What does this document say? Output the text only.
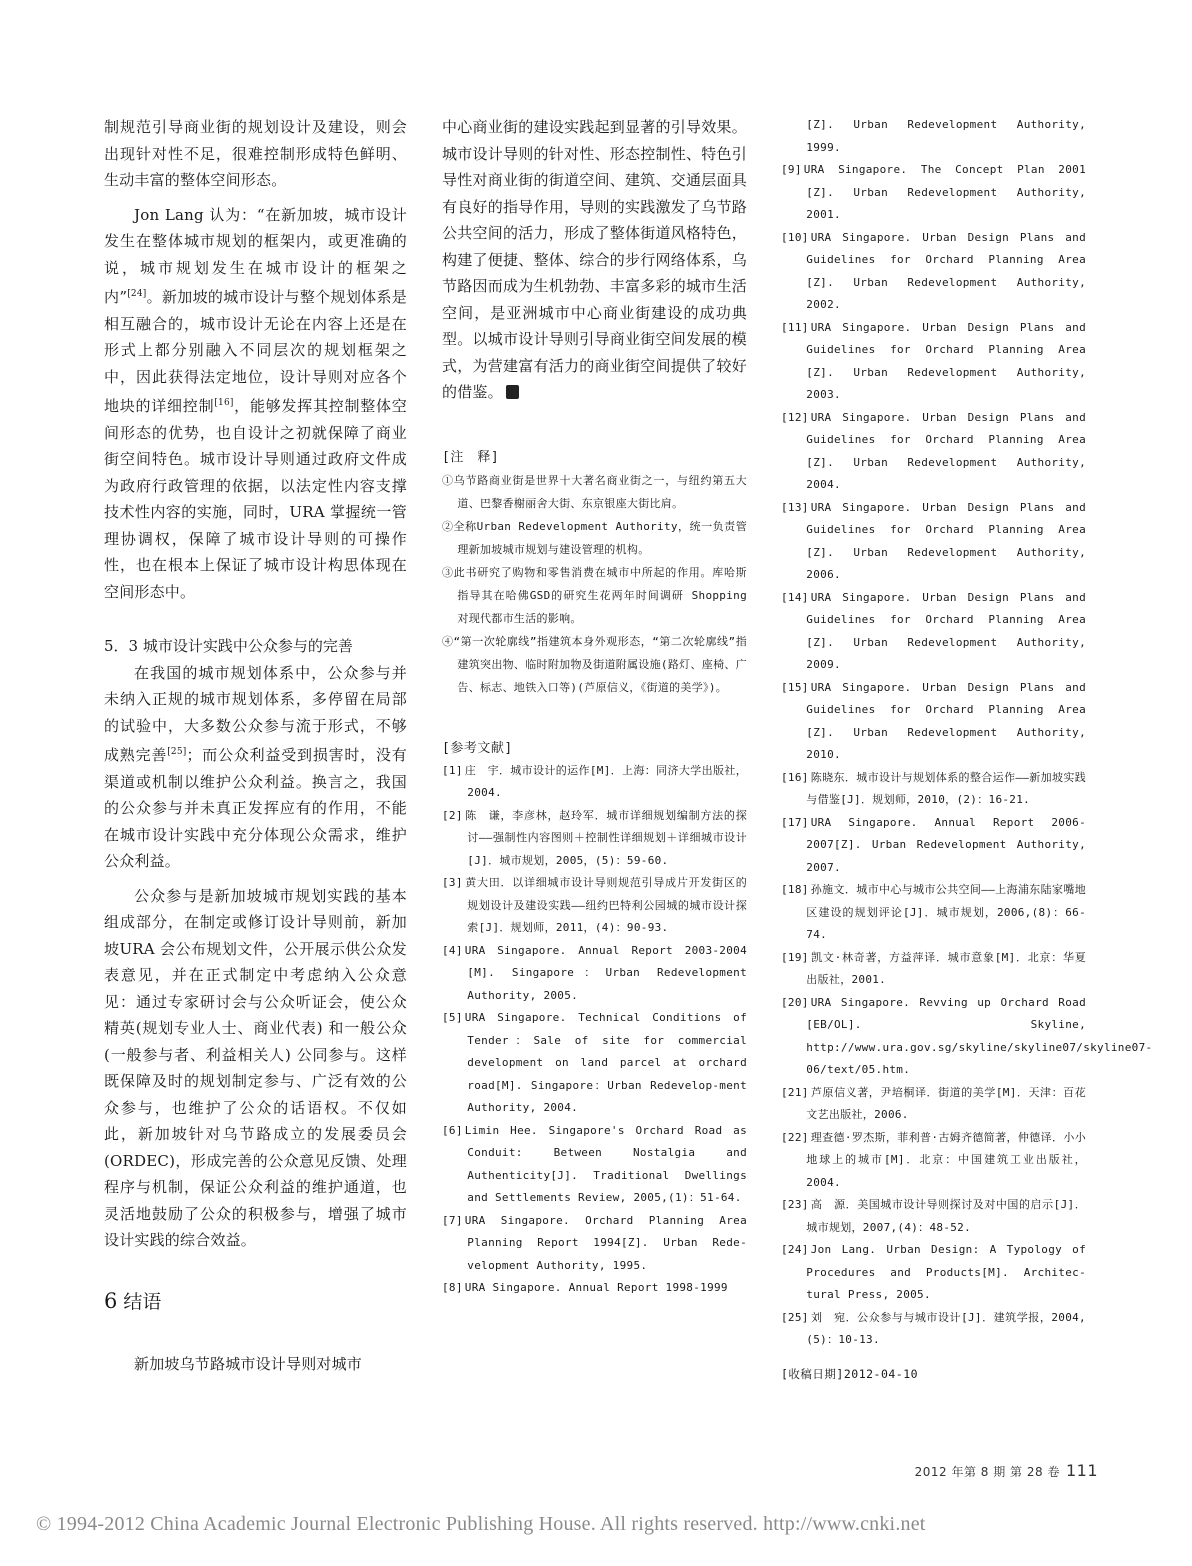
制规范引导商业街的规划设计及建设，则会出现针对性不足，很难控制形成特色鲜明、生动丰富的整体空间形态。

Jon Lang 认为：“在新加坡，城市设计发生在整体城市规划的框架内，或更准确的说，城市规划发生在城市设计的框架之内”[24]。新加坡的城市设计与整个规划体系是相互融合的，城市设计无论在内容上还是在形式上都分别融入不同层次的规划框架之中，因此获得法定地位，设计导则对应各个地块的详细控制[16]，能够发挥其控制整体空间形态的优势，也自设计之初就保障了商业街空间特色。城市设计导则通过政府文件成为政府行政管理的依据，以法定性内容支撑技术性内容的实施，同时，URA 掌握统一管理协调权，保障了城市设计导则的可操作性，也在根本上保证了城市设计构思体现在空间形态中。

5．3 城市设计实践中公众参与的完善

在我国的城市规划体系中，公众参与并未纳入正规的城市规划体系，多停留在局部的试验中，大多数公众参与流于形式，不够成熟完善[25]；而公众利益受到损害时，没有渠道或机制以维护公众利益。换言之，我国的公众参与并未真正发挥应有的作用，不能在城市设计实践中充分体现公众需求，维护公众利益。

公众参与是新加坡城市规划实践的基本组成部分，在制定或修订设计导则前，新加坡URA 会公布规划文件，公开展示供公众发表意见，并在正式制定中考虑纳入公众意见：通过专家研讨会与公众听证会，使公众精英(规划专业人士、商业代表) 和一般公众(一般参与者、利益相关人) 公同参与。这样既保障及时的规划制定参与、广泛有效的公众参与，也维护了公众的话语权。不仅如此，新加坡针对乌节路成立的发展委员会(ORDEC)，形成完善的公众意见反馈、处理程序与机制，保证公众利益的维护通道，也灵活地鼓励了公众的积极参与，增强了城市设计实践的综合效益。

6 结语

新加坡乌节路城市设计导则对城市

中心商业街的建设实践起到显著的引导效果。城市设计导则的针对性、形态控制性、特色引导性对商业街的街道空间、建筑、交通层面具有良好的指导作用，导则的实践激发了乌节路公共空间的活力，形成了整体街道风格特色，构建了便捷、整体、综合的步行网络体系，乌节路因而成为生机勃勃、丰富多彩的城市生活空间，是亚洲城市中心商业街建设的成功典型。以城市设计导则引导商业街空间发展的模式，为营建富有活力的商业街空间提供了较好的借鉴。

[注　释]

①乌节路商业街是世界十大著名商业街之一，与纽约第五大道、巴黎香榭丽舍大街、东京银座大街比肩。

②全称Urban Redevelopment Authority，统一负责管理新加坡城市规划与建设管理的机构。

③此书研究了购物和零售消费在城市中所起的作用。库哈斯指导其在哈佛GSD的研究生花两年时间调研 Shopping 对现代都市生活的影响。

④“第一次轮廓线”指建筑本身外观形态，“第二次轮廓线”指建筑突出物、临时附加物及街道附属设施(路灯、座椅、广告、标志、地铁入口等)(芦原信义，《街道的美学》)。

[参考文献]

[1] 庄　宇．城市设计的运作[M]．上海：同济大学出版社，2004.

[2] 陈　谦，李彦林，赵玲军．城市详细规划编制方法的探讨——强制性内容图则＋控制性详细规划＋详细城市设计[J]．城市规划，2005，(5)：59-60.

[3] 黄大田．以详细城市设计导则规范引导成片开发街区的规划设计及建设实践——纽约巴特利公园城的城市设计探索[J]．规划师，2011，(4)：90-93.

[4] URA Singapore. Annual Report 2003-2004 [M]. Singapore：Urban Redevelopment Authority, 2005.

[5] URA Singapore. Technical Conditions of Tender：Sale of site for commercial development on land parcel at orchard road[M]. Singapore：Urban Redevelop-ment Authority, 2004.

[6] Limin Hee. Singapore's Orchard Road as Conduit: Between Nostalgia and Authenticity[J]. Traditional Dwellings and Settlements Review, 2005,(1)：51-64.

[7] URA Singapore. Orchard Planning Area Planning Report 1994[Z]. Urban Rede-velopment Authority, 1995.

[8] URA Singapore. Annual Report 1998-1999

[Z]. Urban Redevelopment Authority, 1999.

[9] URA Singapore. The Concept Plan 2001 [Z]. Urban Redevelopment Authority, 2001.

[10] URA Singapore. Urban Design Plans and Guidelines for Orchard Planning Area [Z]. Urban Redevelopment Authority, 2002.

[11] URA Singapore. Urban Design Plans and Guidelines for Orchard Planning Area [Z]. Urban Redevelopment Authority, 2003.

[12] URA Singapore. Urban Design Plans and Guidelines for Orchard Planning Area [Z]. Urban Redevelopment Authority, 2004.

[13] URA Singapore. Urban Design Plans and Guidelines for Orchard Planning Area [Z]. Urban Redevelopment Authority, 2006.

[14] URA Singapore. Urban Design Plans and Guidelines for Orchard Planning Area [Z]. Urban Redevelopment Authority, 2009.

[15] URA Singapore. Urban Design Plans and Guidelines for Orchard Planning Area [Z]. Urban Redevelopment Authority, 2010.

[16] 陈晓东．城市设计与规划体系的整合运作——新加坡实践与借鉴[J]．规划师，2010，(2)：16-21.

[17] URA Singapore. Annual Report 2006-2007[Z]. Urban Redevelopment Authority, 2007.

[18] 孙施文．城市中心与城市公共空间——上海浦东陆家嘴地区建设的规划评论[J]．城市规划，2006,(8)：66-74.

[19] 凯文·林奇著，方益萍译．城市意象[M]．北京：华夏出版社，2001.

[20] URA Singapore. Revving up Orchard Road [EB/OL]. Skyline, http://www.ura.gov.sg/skyline/skyline07/skyline07-06/text/05.htm.

[21] 芦原信义著，尹培桐译．街道的美学[M]．天津：百花文艺出版社，2006.

[22] 理查德·罗杰斯，菲利普·古姆齐德简著，仲德译．小小地球上的城市[M]．北京：中国建筑工业出版社，2004.

[23] 高　源．美国城市设计导则探讨及对中国的启示[J]．城市规划，2007,(4)：48-52.

[24] Jon Lang. Urban Design: A Typology of Procedures and Products[M]. Architec-tural Press, 2005.

[25] 刘　宛．公众参与与城市设计[J]．建筑学报，2004,(5)：10-13.

[收稿日期]2012-04-10
2012 年第 8 期 第 28 卷 111
© 1994-2012 China Academic Journal Electronic Publishing House. All rights reserved. http://www.cnki.net
